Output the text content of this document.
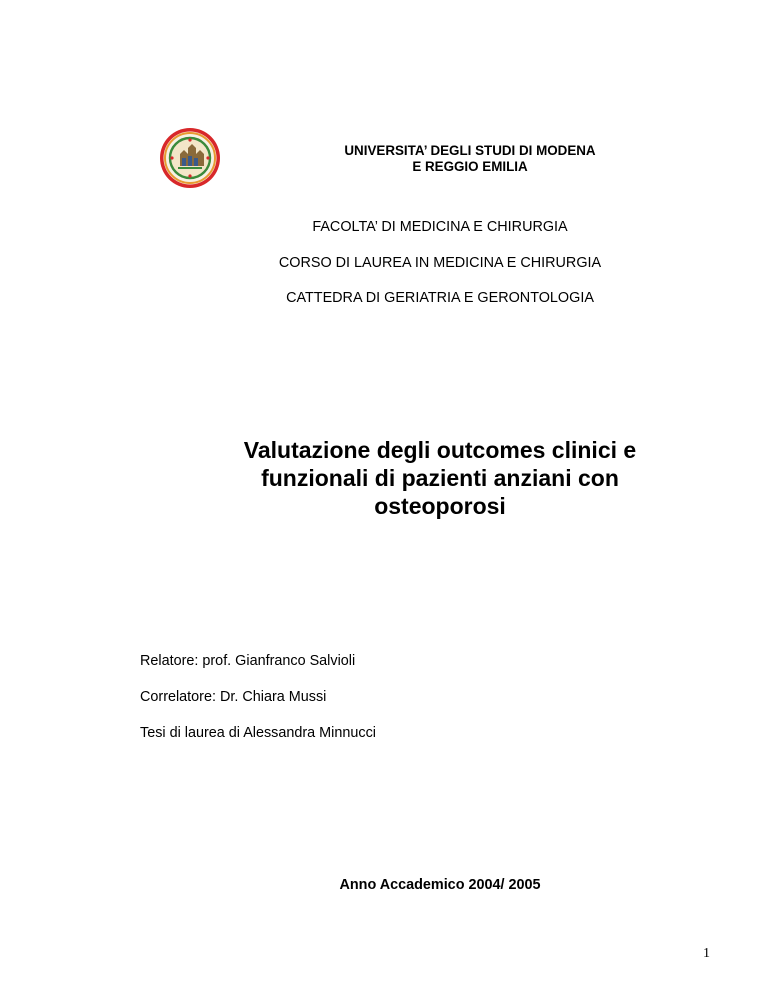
UNIVERSITA’ DEGLI STUDI DI MODENA
E REGGIO EMILIA
FACOLTA’ DI MEDICINA E CHIRURGIA
CORSO DI LAUREA IN MEDICINA E CHIRURGIA
CATTEDRA DI GERIATRIA E GERONTOLOGIA
Valutazione degli outcomes clinici e
funzionali di pazienti anziani con
osteoporosi
Relatore: prof. Gianfranco Salvioli
Correlatore: Dr. Chiara Mussi
Tesi di laurea di Alessandra Minnucci
Anno Accademico 2004/ 2005
1
